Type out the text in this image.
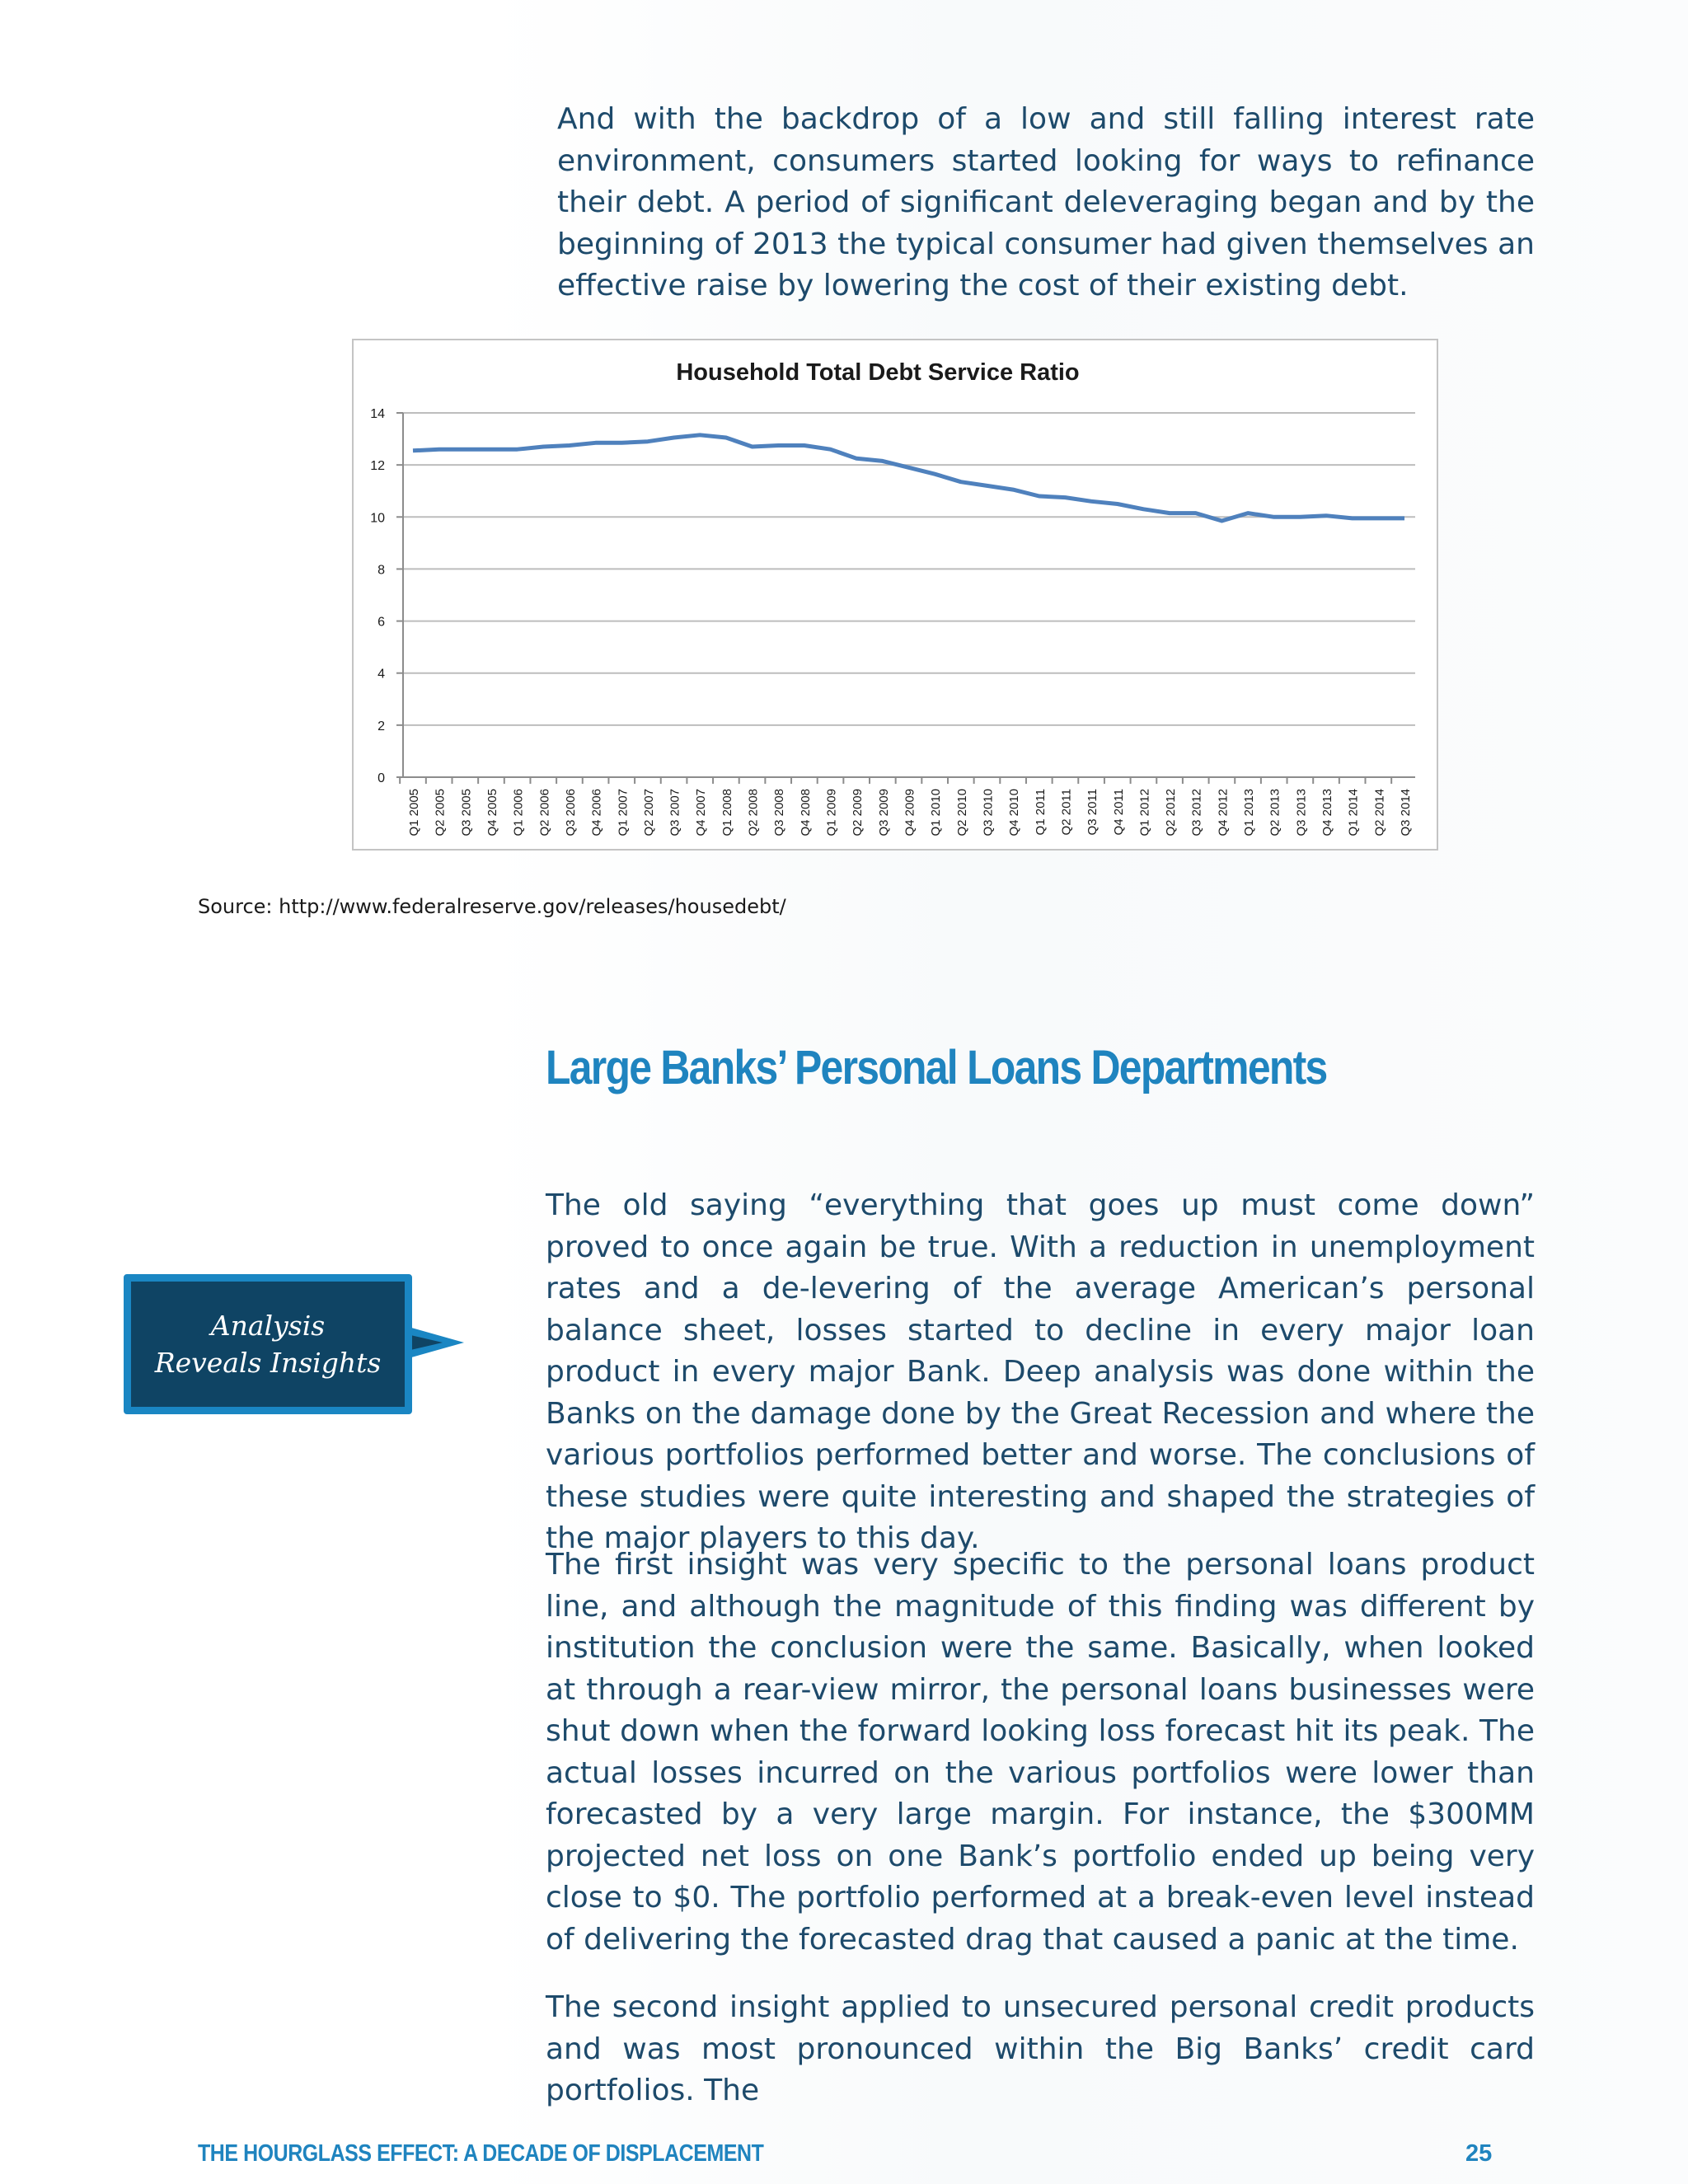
And with the backdrop of a low and still falling interest rate environment, consumers started looking for ways to refinance their debt. A period of significant deleveraging began and by the beginning of 2013 the typical consumer had given themselves an effective raise by lowering the cost of their existing debt.

Household Total Debt Service Ratio
0
2
4
6
8
10
12
14
Q1 2005 Q2 2005 Q3 2005 Q4 2005 Q1 2006 Q2 2006 Q3 2006 Q4 2006 Q1 2007 Q2 2007 Q3 2007 Q4 2007 Q1 2008 Q2 2008 Q3 2008 Q4 2008 Q1 2009 Q2 2009 Q3 2009 Q4 2009 Q1 2010 Q2 2010 Q3 2010 Q4 2010 Q1 2011 Q2 2011 Q3 2011 Q4 2011 Q1 2012 Q2 2012 Q3 2012 Q4 2012 Q1 2013 Q2 2013 Q3 2013 Q4 2013 Q1 2014 Q2 2014 Q3 2014
Source: http://www.federalreserve.gov/releases/housedebt/
Large Banks’ Personal Loans Departments
Analysis
Reveals Insights

The old saying “everything that goes up must come down” proved to once again be true. With a reduction in unemployment rates and a de-levering of the average American’s personal balance sheet, losses started to decline in every major loan product in every major Bank. Deep analysis was done within the Banks on the damage done by the Great Recession and where the various portfolios performed better and worse. The conclusions of these studies were quite interesting and shaped the strategies of the major players to this day.

The first insight was very specific to the personal loans product line, and although the magnitude of this finding was different by institution the conclusion were the same. Basically, when looked at through a rear-view mirror, the personal loans businesses were shut down when the forward looking loss forecast hit its peak. The actual losses incurred on the various portfolios were lower than forecasted by a very large margin. For instance, the $300MM projected net loss on one Bank’s portfolio ended up being very close to $0. The portfolio performed at a break-even level instead of delivering the forecasted drag that caused a panic at the time.

The second insight applied to unsecured personal credit products and was most pronounced within the Big Banks’ credit card portfolios. The

THE HOURGLASS EFFECT: A DECADE OF DISPLACEMENT	25
